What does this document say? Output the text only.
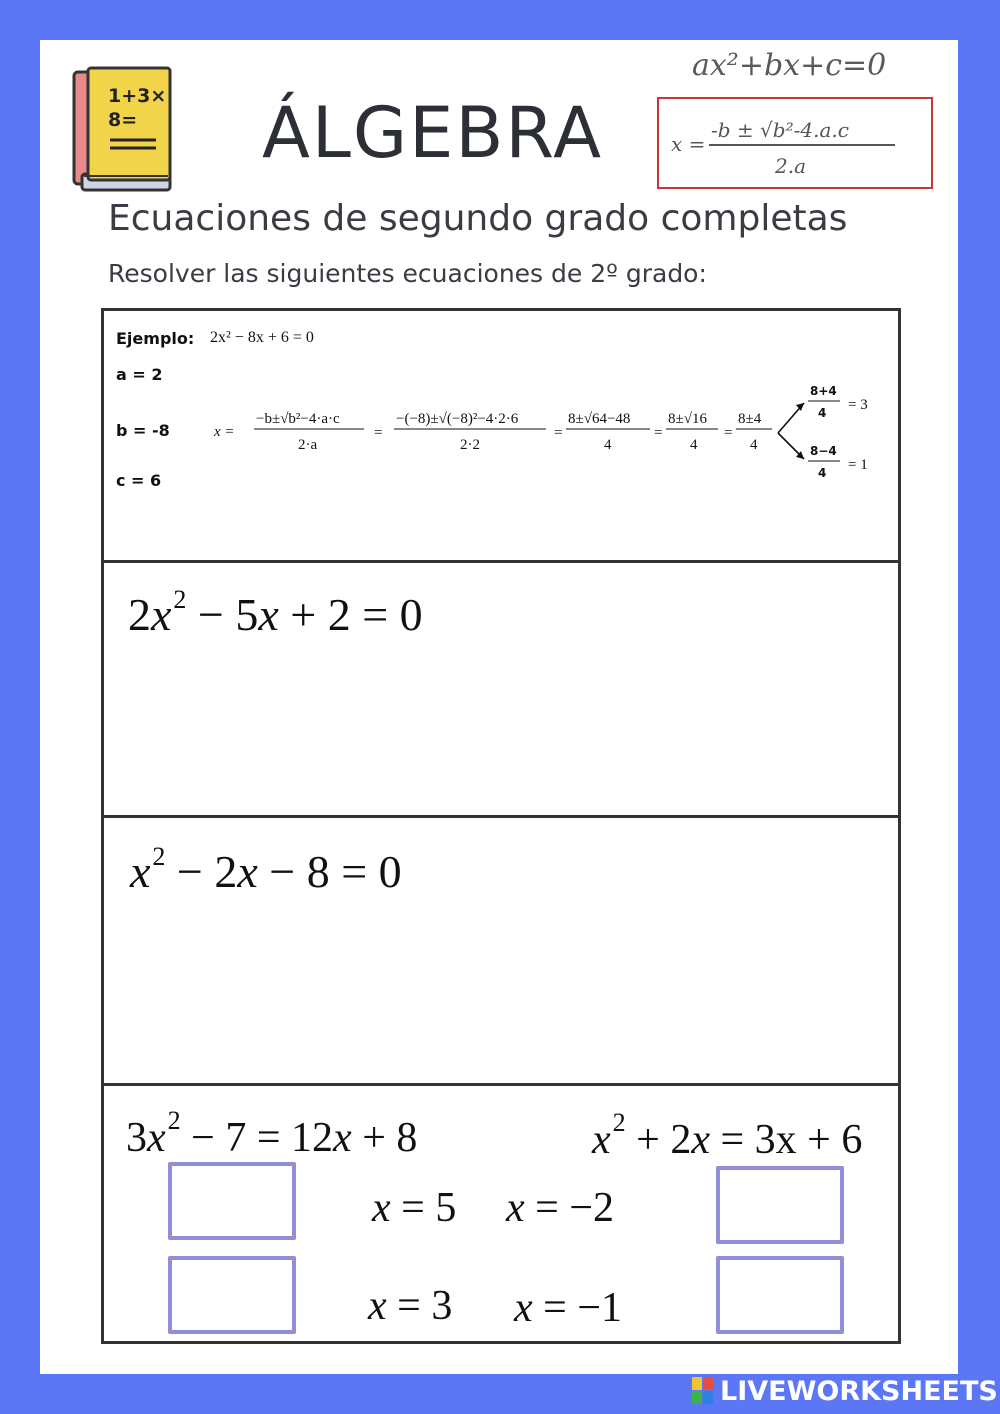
1+3×
8= ÁLGEBRA
ax²+bx+c=0
x =
-b ± √b²-4.a.c
2.a
Ecuaciones de segundo grado completas
Resolver las siguientes ecuaciones de 2º grado:
Ejemplo: 2x² − 8x + 6 = 0
a = 2
b = -8
c = 6
x =
−b±√b²−4·a·c
2·a
=
−(−8)±√(−8)²−4·2·6
2·2
=
8±√64−48
4
=
8±√16
4
=
8±4
4
8+4
4 = 3
8−4
4 = 1
$2x^2 - 5x + 2 = 0$
$x^2 - 2x - 8 = 0$
$3x^2 - 7 = 12x + 8$	$x^2 + 2x = 3x + 6$
x = 5 x = −2
x = 3 x = −1
LIVEWORKSHEETS
